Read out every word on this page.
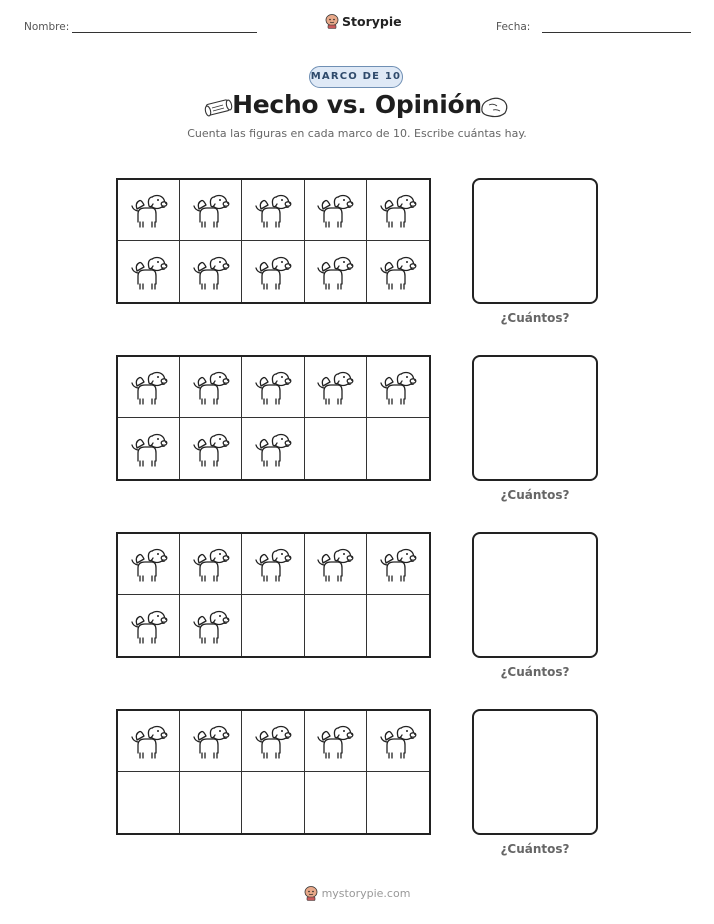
Nombre:	Storypie	Fecha:
MARCO DE 10
Hecho vs. Opinión
Cuenta las figuras en cada marco de 10. Escribe cuántas hay.
¿Cuántos?
¿Cuántos?
¿Cuántos?
¿Cuántos?
mystorypie.com
